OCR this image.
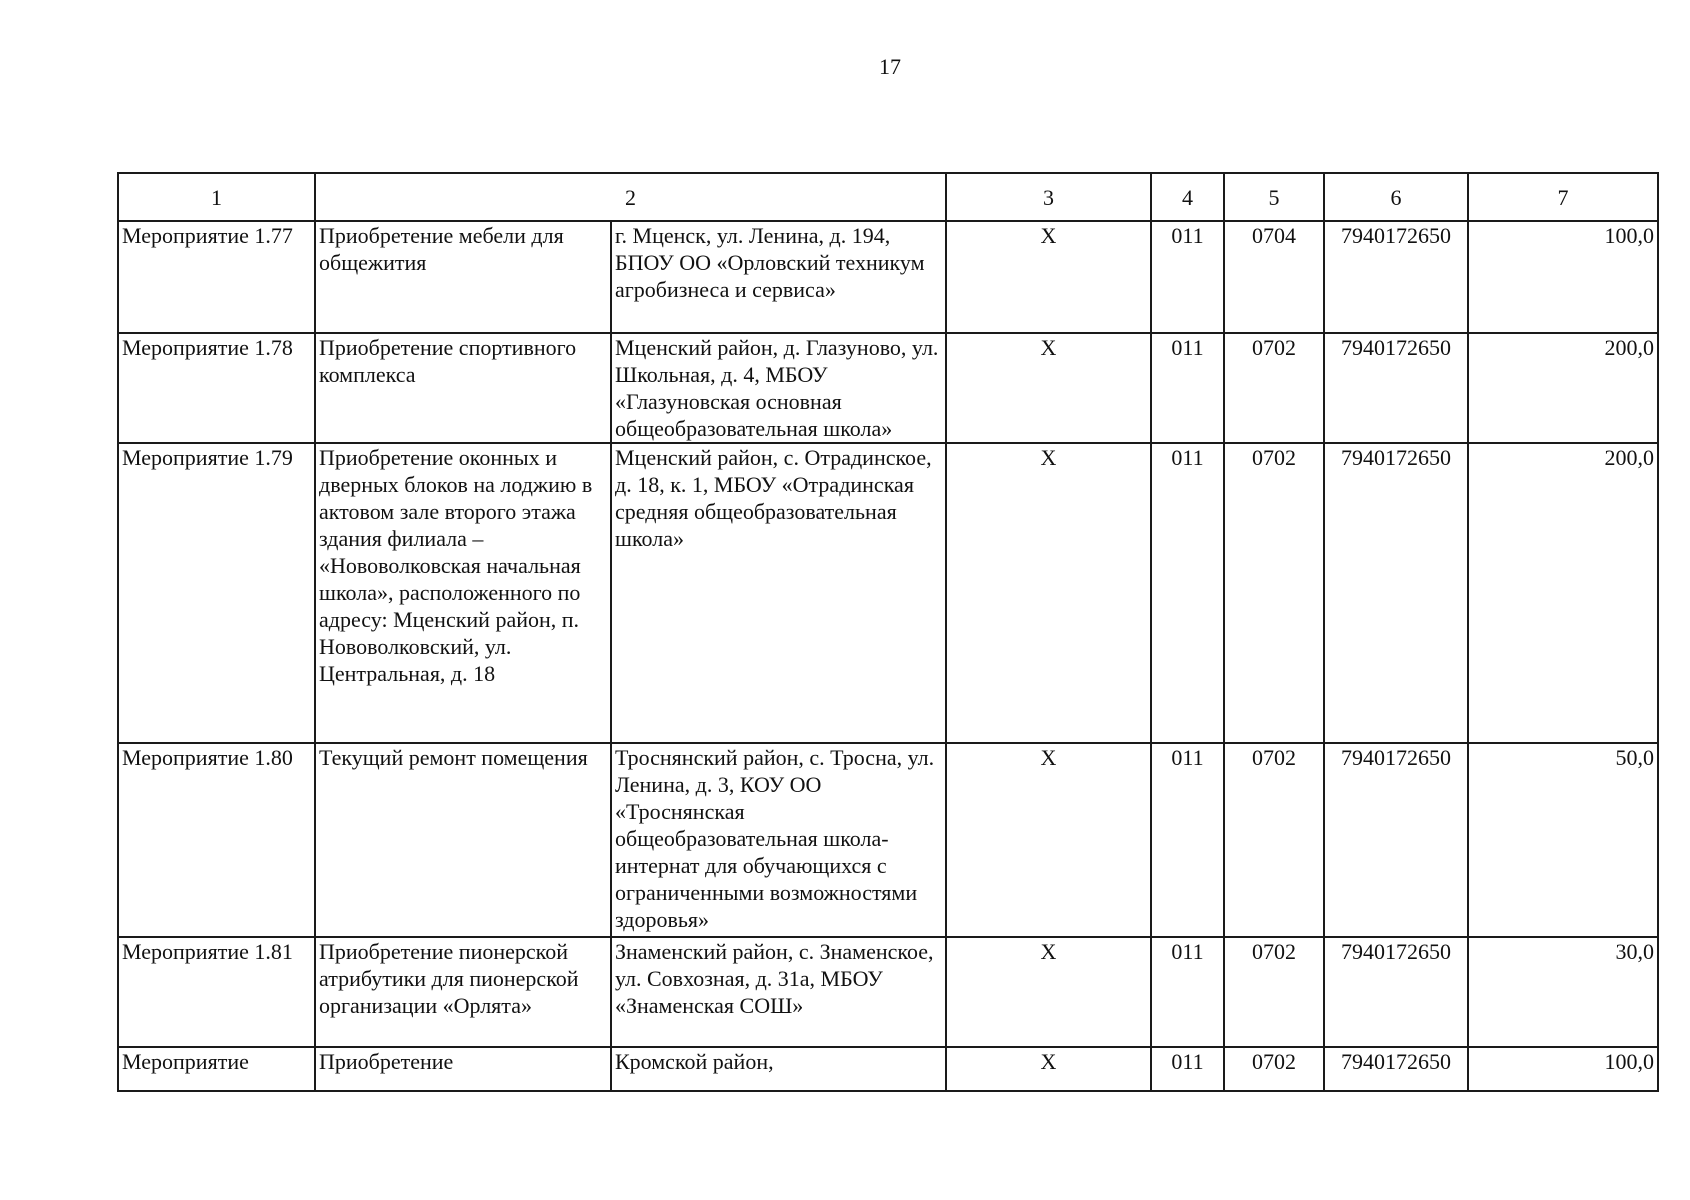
17
1	2		3	4	5	6	7
Мероприятие 1.77	Приобретение мебели для общежития	г. Мценск, ул. Ленина, д. 194, БПОУ ОО «Орловский техникум агробизнеса и сервиса»	X	011	0704	7940172650	100,0
Мероприятие 1.78	Приобретение спортивного комплекса	Мценский район, д. Глазуново, ул. Школьная, д. 4, МБОУ «Глазуновская основная общеобразовательная школа»	X	011	0702	7940172650	200,0
Мероприятие 1.79	Приобретение оконных и дверных блоков на лоджию в актовом зале второго этажа здания филиала – «Нововолковская начальная школа», расположенного по адресу: Мценский район, п. Нововолковский, ул. Центральная, д. 18	Мценский район, с. Отрадинское, д. 18, к. 1, МБОУ «Отрадинская средняя общеобразовательная школа»	X	011	0702	7940172650	200,0
Мероприятие 1.80	Текущий ремонт помещения	Троснянский район, с. Тросна, ул. Ленина, д. 3, КОУ ОО «Троснянская общеобразовательная школа-интернат для обучающихся с ограниченными возможностями здоровья»	X	011	0702	7940172650	50,0
Мероприятие 1.81	Приобретение пионерской атрибутики для пионерской организации «Орлята»	Знаменский район, с. Знаменское, ул. Совхозная, д. 31а, МБОУ «Знаменская СОШ»	X	011	0702	7940172650	30,0
Мероприятие	Приобретение	Кромской район,	X	011	0702	7940172650	100,0
